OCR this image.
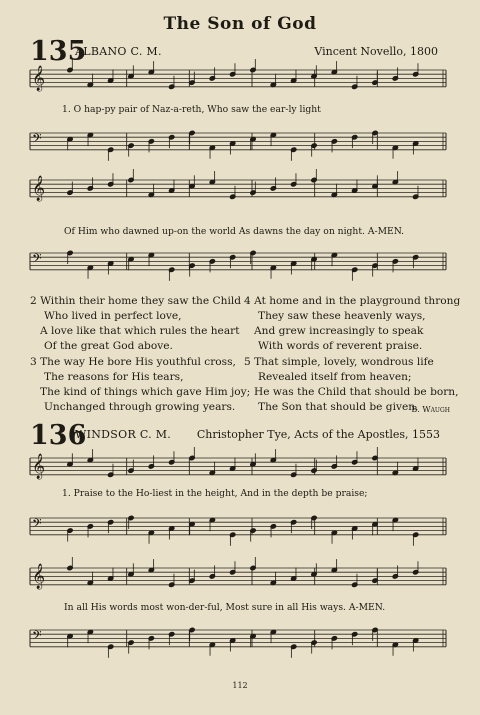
The Son of God
135
ALBANO C. M.	Vincent Novello, 1800
𝄞
𝄢
𝄞
𝄢
𝄞
𝄢
𝄞
𝄢
1. O hap-py pair of Naz-a-reth, Who saw the ear-ly light
Of Him who dawned up-on the world As dawns the day on night. A-MEN.
2 Within their home they saw the Child
Who lived in perfect love,
A love like that which rules the heart
Of the great God above.
4 At home and in the playground throng
They saw these heavenly ways,
And grew increasingly to speak
With words of reverent praise.
3 The way He bore His youthful cross,
The reasons for His tears,
The kind of things which gave Him joy;
Unchanged through growing years.
5 That simple, lovely, wondrous life
Revealed itself from heaven;
He was the Child that should be born,
The Son that should be given.
B. Waugh
136
WINDSOR C. M. Christopher Tye, Acts of the Apostles, 1553
1. Praise to the Ho-liest in the height, And in the depth be praise;
In all His words most won-der-ful, Most sure in all His ways. A-MEN.
112
